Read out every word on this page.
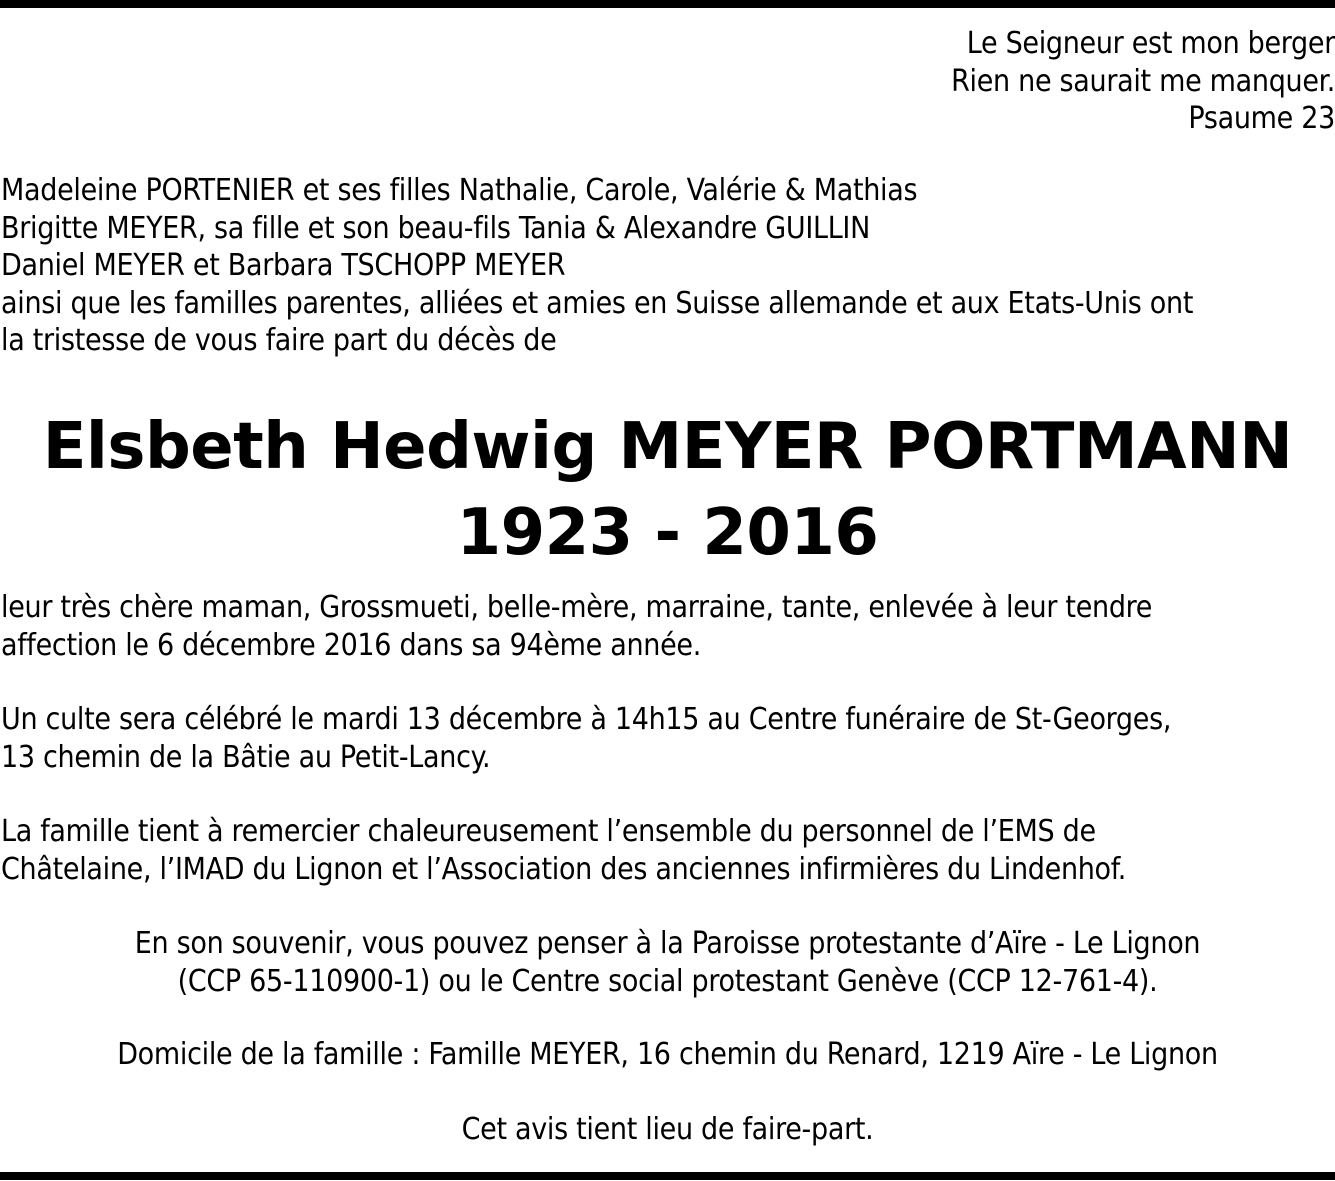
Le Seigneur est mon berger
Rien ne saurait me manquer.
Psaume 23
Madeleine PORTENIER et ses filles Nathalie, Carole, Valérie & Mathias
Brigitte MEYER, sa fille et son beau-fils Tania & Alexandre GUILLIN
Daniel MEYER et Barbara TSCHOPP MEYER
ainsi que les familles parentes, alliées et amies en Suisse allemande et aux Etats-Unis ont
la tristesse de vous faire part du décès de
Elsbeth Hedwig MEYER PORTMANN
1923 - 2016
leur très chère maman, Grossmueti, belle-mère, marraine, tante, enlevée à leur tendre
affection le 6 décembre 2016 dans sa 94ème année.
Un culte sera célébré le mardi 13 décembre à 14h15 au Centre funéraire de St-Georges,
13 chemin de la Bâtie au Petit-Lancy.
La famille tient à remercier chaleureusement l’ensemble du personnel de l’EMS de
Châtelaine, l’IMAD du Lignon et l’Association des anciennes infirmières du Lindenhof.
En son souvenir, vous pouvez penser à la Paroisse protestante d’Aïre - Le Lignon
(CCP 65-110900-1) ou le Centre social protestant Genève (CCP 12-761-4).
Domicile de la famille : Famille MEYER, 16 chemin du Renard, 1219 Aïre - Le Lignon
Cet avis tient lieu de faire-part.
